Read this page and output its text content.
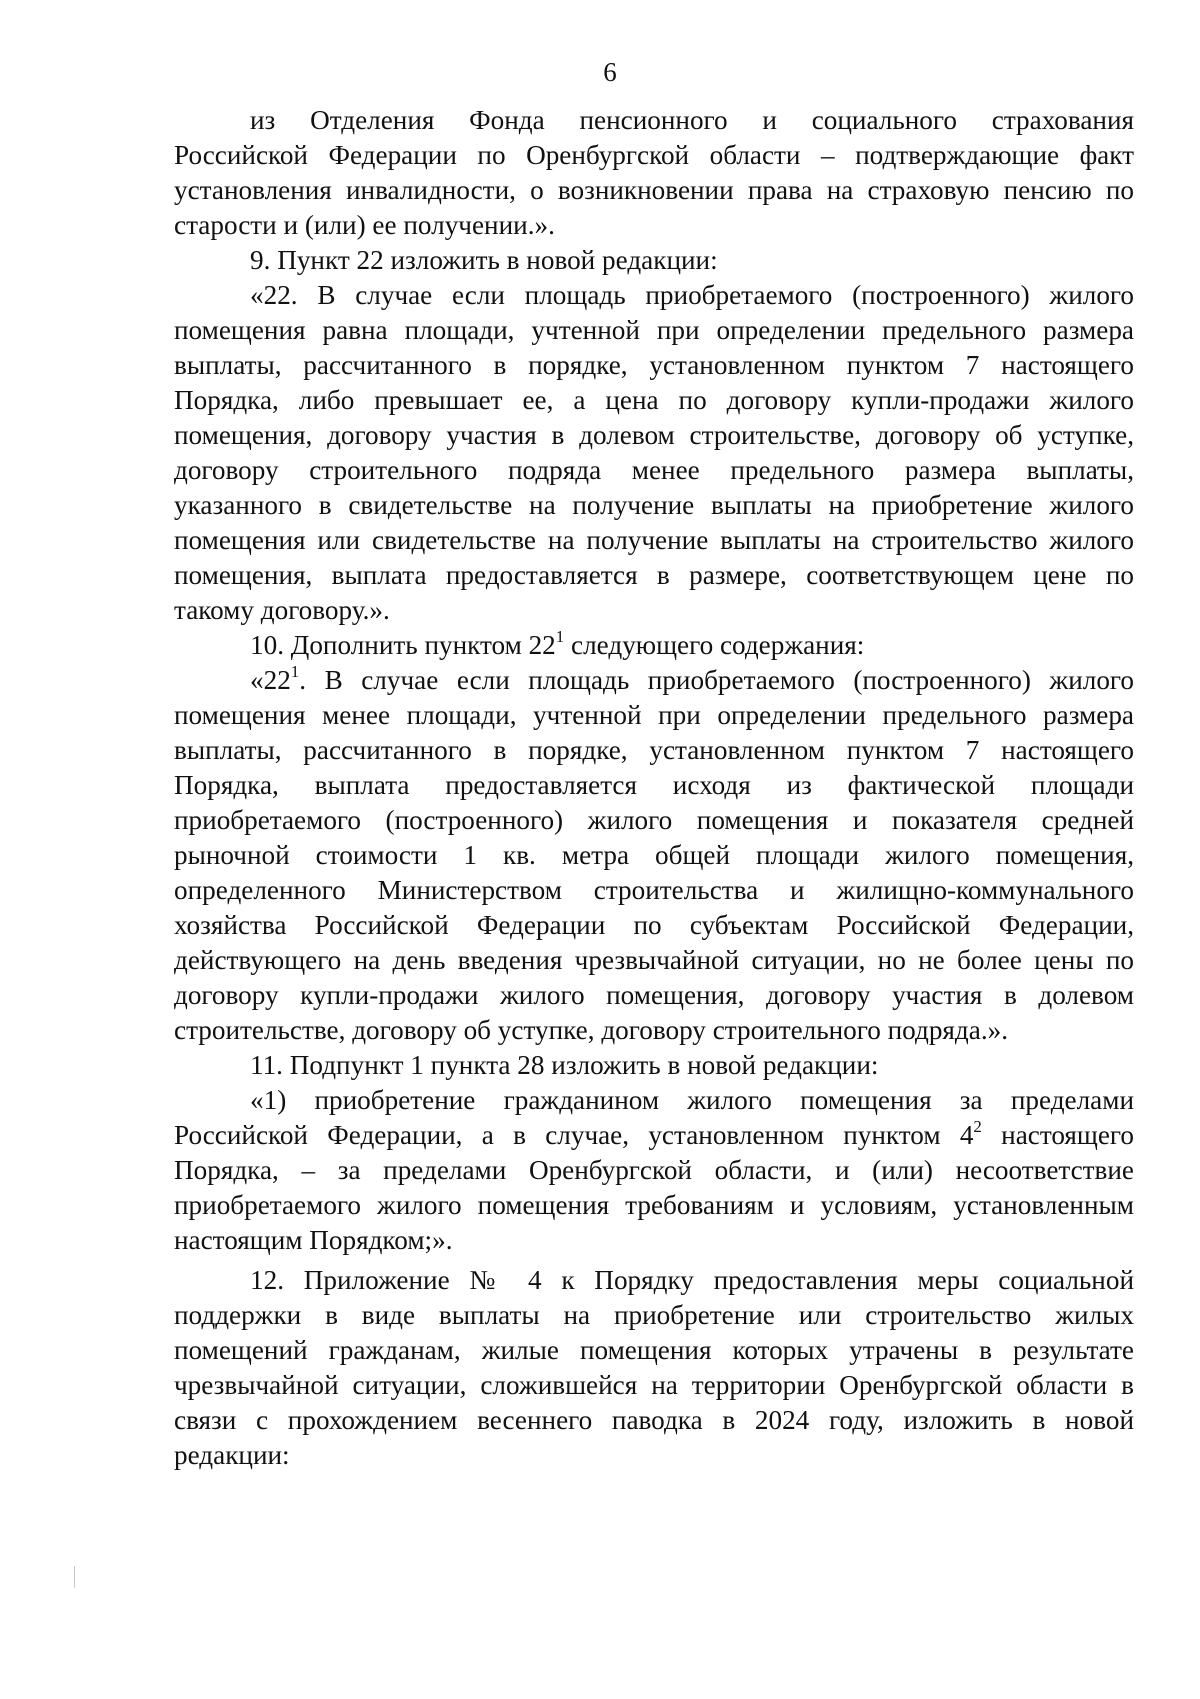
6
из Отделения Фонда пенсионного и социального страхования
Российской Федерации по Оренбургской области – подтверждающие факт
установления инвалидности, о возникновении права на страховую пенсию по
старости и (или) ее получении.».
9. Пункт 22 изложить в новой редакции:
«22. В случае если площадь приобретаемого (построенного) жилого
помещения равна площади, учтенной при определении предельного размера
выплаты, рассчитанного в порядке, установленном пунктом 7 настоящего
Порядка, либо превышает ее, а цена по договору купли-продажи жилого
помещения, договору участия в долевом строительстве, договору об уступке,
договору строительного подряда менее предельного размера выплаты,
указанного в свидетельстве на получение выплаты на приобретение жилого
помещения или свидетельстве на получение выплаты на строительство жилого
помещения, выплата предоставляется в размере, соответствующем цене по
такому договору.».
10. Дополнить пунктом $22^1$ следующего содержания:
«$22^1$. В случае если площадь приобретаемого (построенного) жилого
помещения менее площади, учтенной при определении предельного размера
выплаты, рассчитанного в порядке, установленном пунктом 7 настоящего
Порядка, выплата предоставляется исходя из фактической площади
приобретаемого (построенного) жилого помещения и показателя средней
рыночной стоимости 1 кв. метра общей площади жилого помещения,
определенного Министерством строительства и жилищно-коммунального
хозяйства Российской Федерации по субъектам Российской Федерации,
действующего на день введения чрезвычайной ситуации, но не более цены по
договору купли-продажи жилого помещения, договору участия в долевом
строительстве, договору об уступке, договору строительного подряда.».
11. Подпункт 1 пункта 28 изложить в новой редакции:
«1) приобретение гражданином жилого помещения за пределами
Российской Федерации, а в случае, установленном пунктом $4^2$ настоящего
Порядка, – за пределами Оренбургской области, и (или) несоответствие
приобретаемого жилого помещения требованиям и условиям, установленным
настоящим Порядком;».
12. Приложение № 4 к Порядку предоставления меры социальной
поддержки в виде выплаты на приобретение или строительство жилых
помещений гражданам, жилые помещения которых утрачены в результате
чрезвычайной ситуации, сложившейся на территории Оренбургской области в
связи с прохождением весеннего паводка в 2024 году, изложить в новой
редакции:
